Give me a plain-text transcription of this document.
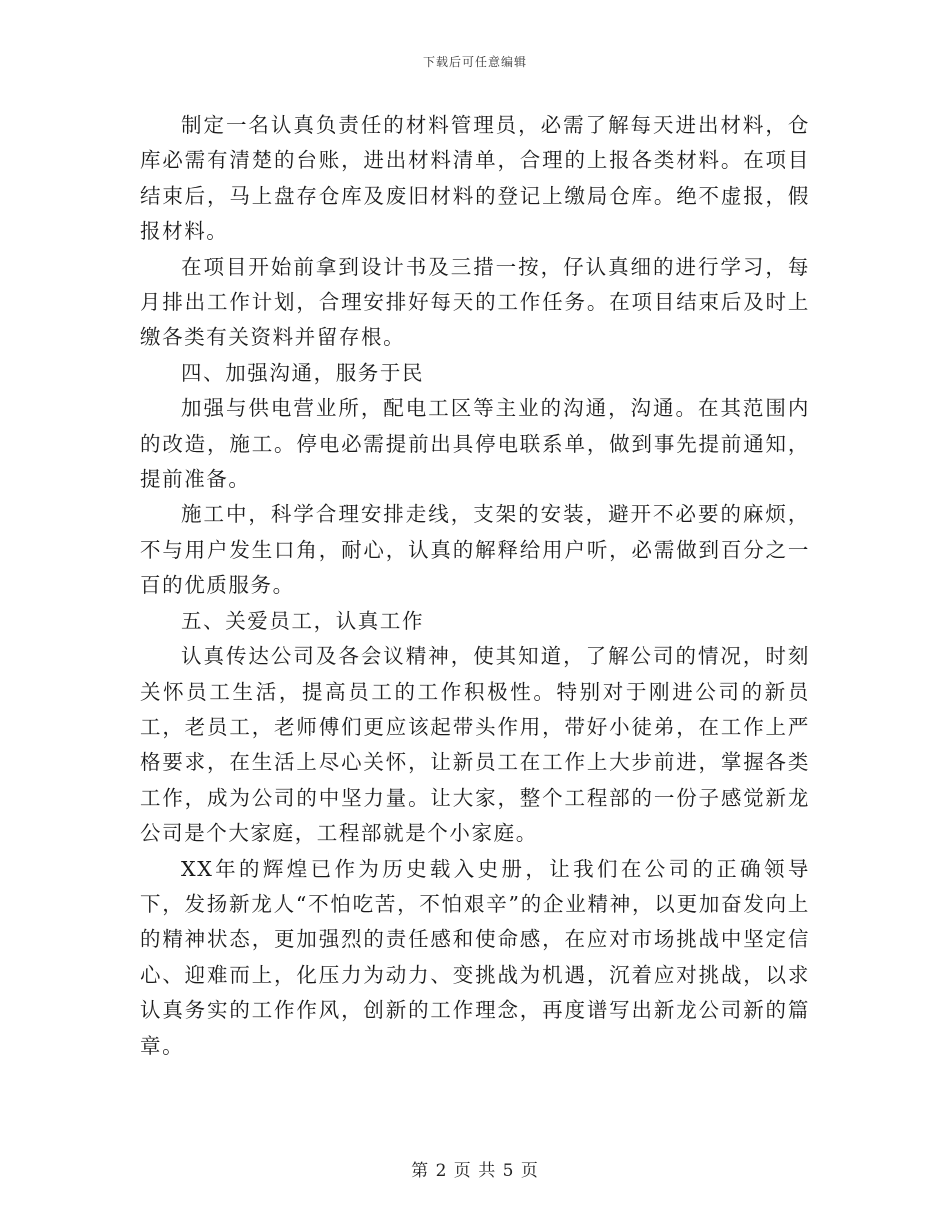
下载后可任意编辑

制定一名认真负责任的材料管理员，必需了解每天进出材料，仓库必需有清楚的台账，进出材料清单，合理的上报各类材料。在项目结束后，马上盘存仓库及废旧材料的登记上缴局仓库。绝不虚报，假报材料。

在项目开始前拿到设计书及三措一按，仔认真细的进行学习，每月排出工作计划，合理安排好每天的工作任务。在项目结束后及时上缴各类有关资料并留存根。

四、加强沟通，服务于民

加强与供电营业所，配电工区等主业的沟通，沟通。在其范围内的改造，施工。停电必需提前出具停电联系单，做到事先提前通知，提前准备。

施工中，科学合理安排走线，支架的安装，避开不必要的麻烦，不与用户发生口角，耐心，认真的解释给用户听，必需做到百分之一百的优质服务。

五、关爱员工，认真工作

认真传达公司及各会议精神，使其知道，了解公司的情况，时刻关怀员工生活，提高员工的工作积极性。特别对于刚进公司的新员工，老员工，老师傅们更应该起带头作用，带好小徒弟，在工作上严格要求，在生活上尽心关怀，让新员工在工作上大步前进，掌握各类工作，成为公司的中坚力量。让大家，整个工程部的一份子感觉新龙公司是个大家庭，工程部就是个小家庭。

XX年的辉煌已作为历史载入史册，让我们在公司的正确领导下，发扬新龙人“不怕吃苦，不怕艰辛”的企业精神，以更加奋发向上的精神状态，更加强烈的责任感和使命感，在应对市场挑战中坚定信心、迎难而上，化压力为动力、变挑战为机遇，沉着应对挑战，以求认真务实的工作作风，创新的工作理念，再度谱写出新龙公司新的篇章。

第 2 页 共 5 页
